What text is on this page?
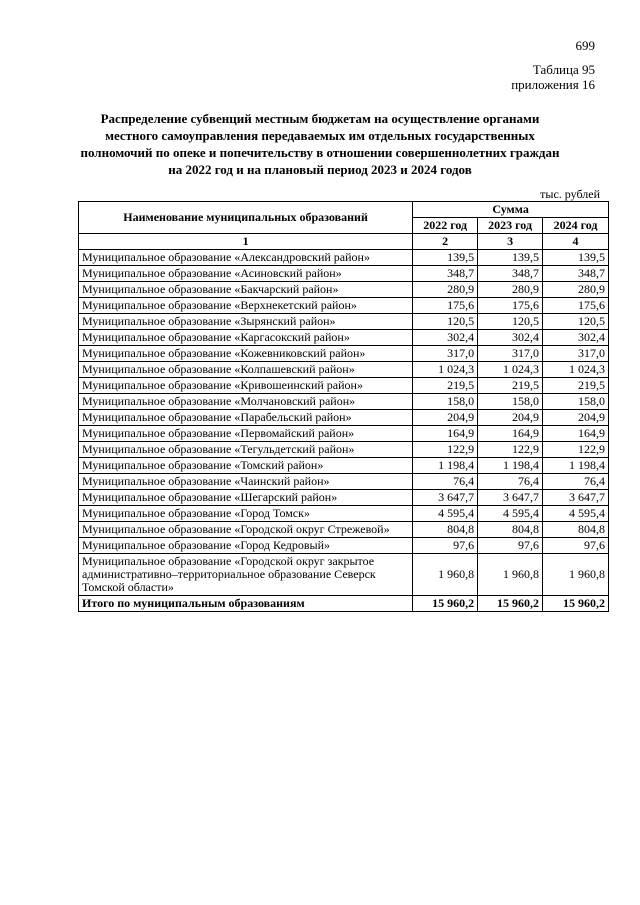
699
Таблица 95
приложения 16
Распределение субвенций местным бюджетам на осуществление органами местного самоуправления передаваемых им отдельных государственных полномочий по опеке и попечительству в отношении совершеннолетних граждан на 2022 год и на плановый период 2023 и 2024 годов
тыс. рублей
Наименование муниципальных образований	Сумма		
	2022 год	2023 год	2024 год
1	2	3	4
Муниципальное образование «Александровский район»	139,5	139,5	139,5
Муниципальное образование «Асиновский район»	348,7	348,7	348,7
Муниципальное образование «Бакчарский район»	280,9	280,9	280,9
Муниципальное образование «Верхнекетский район»	175,6	175,6	175,6
Муниципальное образование «Зырянский район»	120,5	120,5	120,5
Муниципальное образование «Каргасокский район»	302,4	302,4	302,4
Муниципальное образование «Кожевниковский район»	317,0	317,0	317,0
Муниципальное образование «Колпашевский район»	1 024,3	1 024,3	1 024,3
Муниципальное образование «Кривошеинский район»	219,5	219,5	219,5
Муниципальное образование «Молчановский район»	158,0	158,0	158,0
Муниципальное образование «Парабельский район»	204,9	204,9	204,9
Муниципальное образование «Первомайский район»	164,9	164,9	164,9
Муниципальное образование «Тегульдетский район»	122,9	122,9	122,9
Муниципальное образование «Томский район»	1 198,4	1 198,4	1 198,4
Муниципальное образование «Чаинский район»	76,4	76,4	76,4
Муниципальное образование «Шегарский район»	3 647,7	3 647,7	3 647,7
Муниципальное образование «Город Томск»	4 595,4	4 595,4	4 595,4
Муниципальное образование «Городской округ Стрежевой»	804,8	804,8	804,8
Муниципальное образование «Город Кедровый»	97,6	97,6	97,6
Муниципальное образование «Городской округ закрытое административно–территориальное образование Северск Томской области»	1 960,8	1 960,8	1 960,8
Итого по муниципальным образованиям	15 960,2	15 960,2	15 960,2
